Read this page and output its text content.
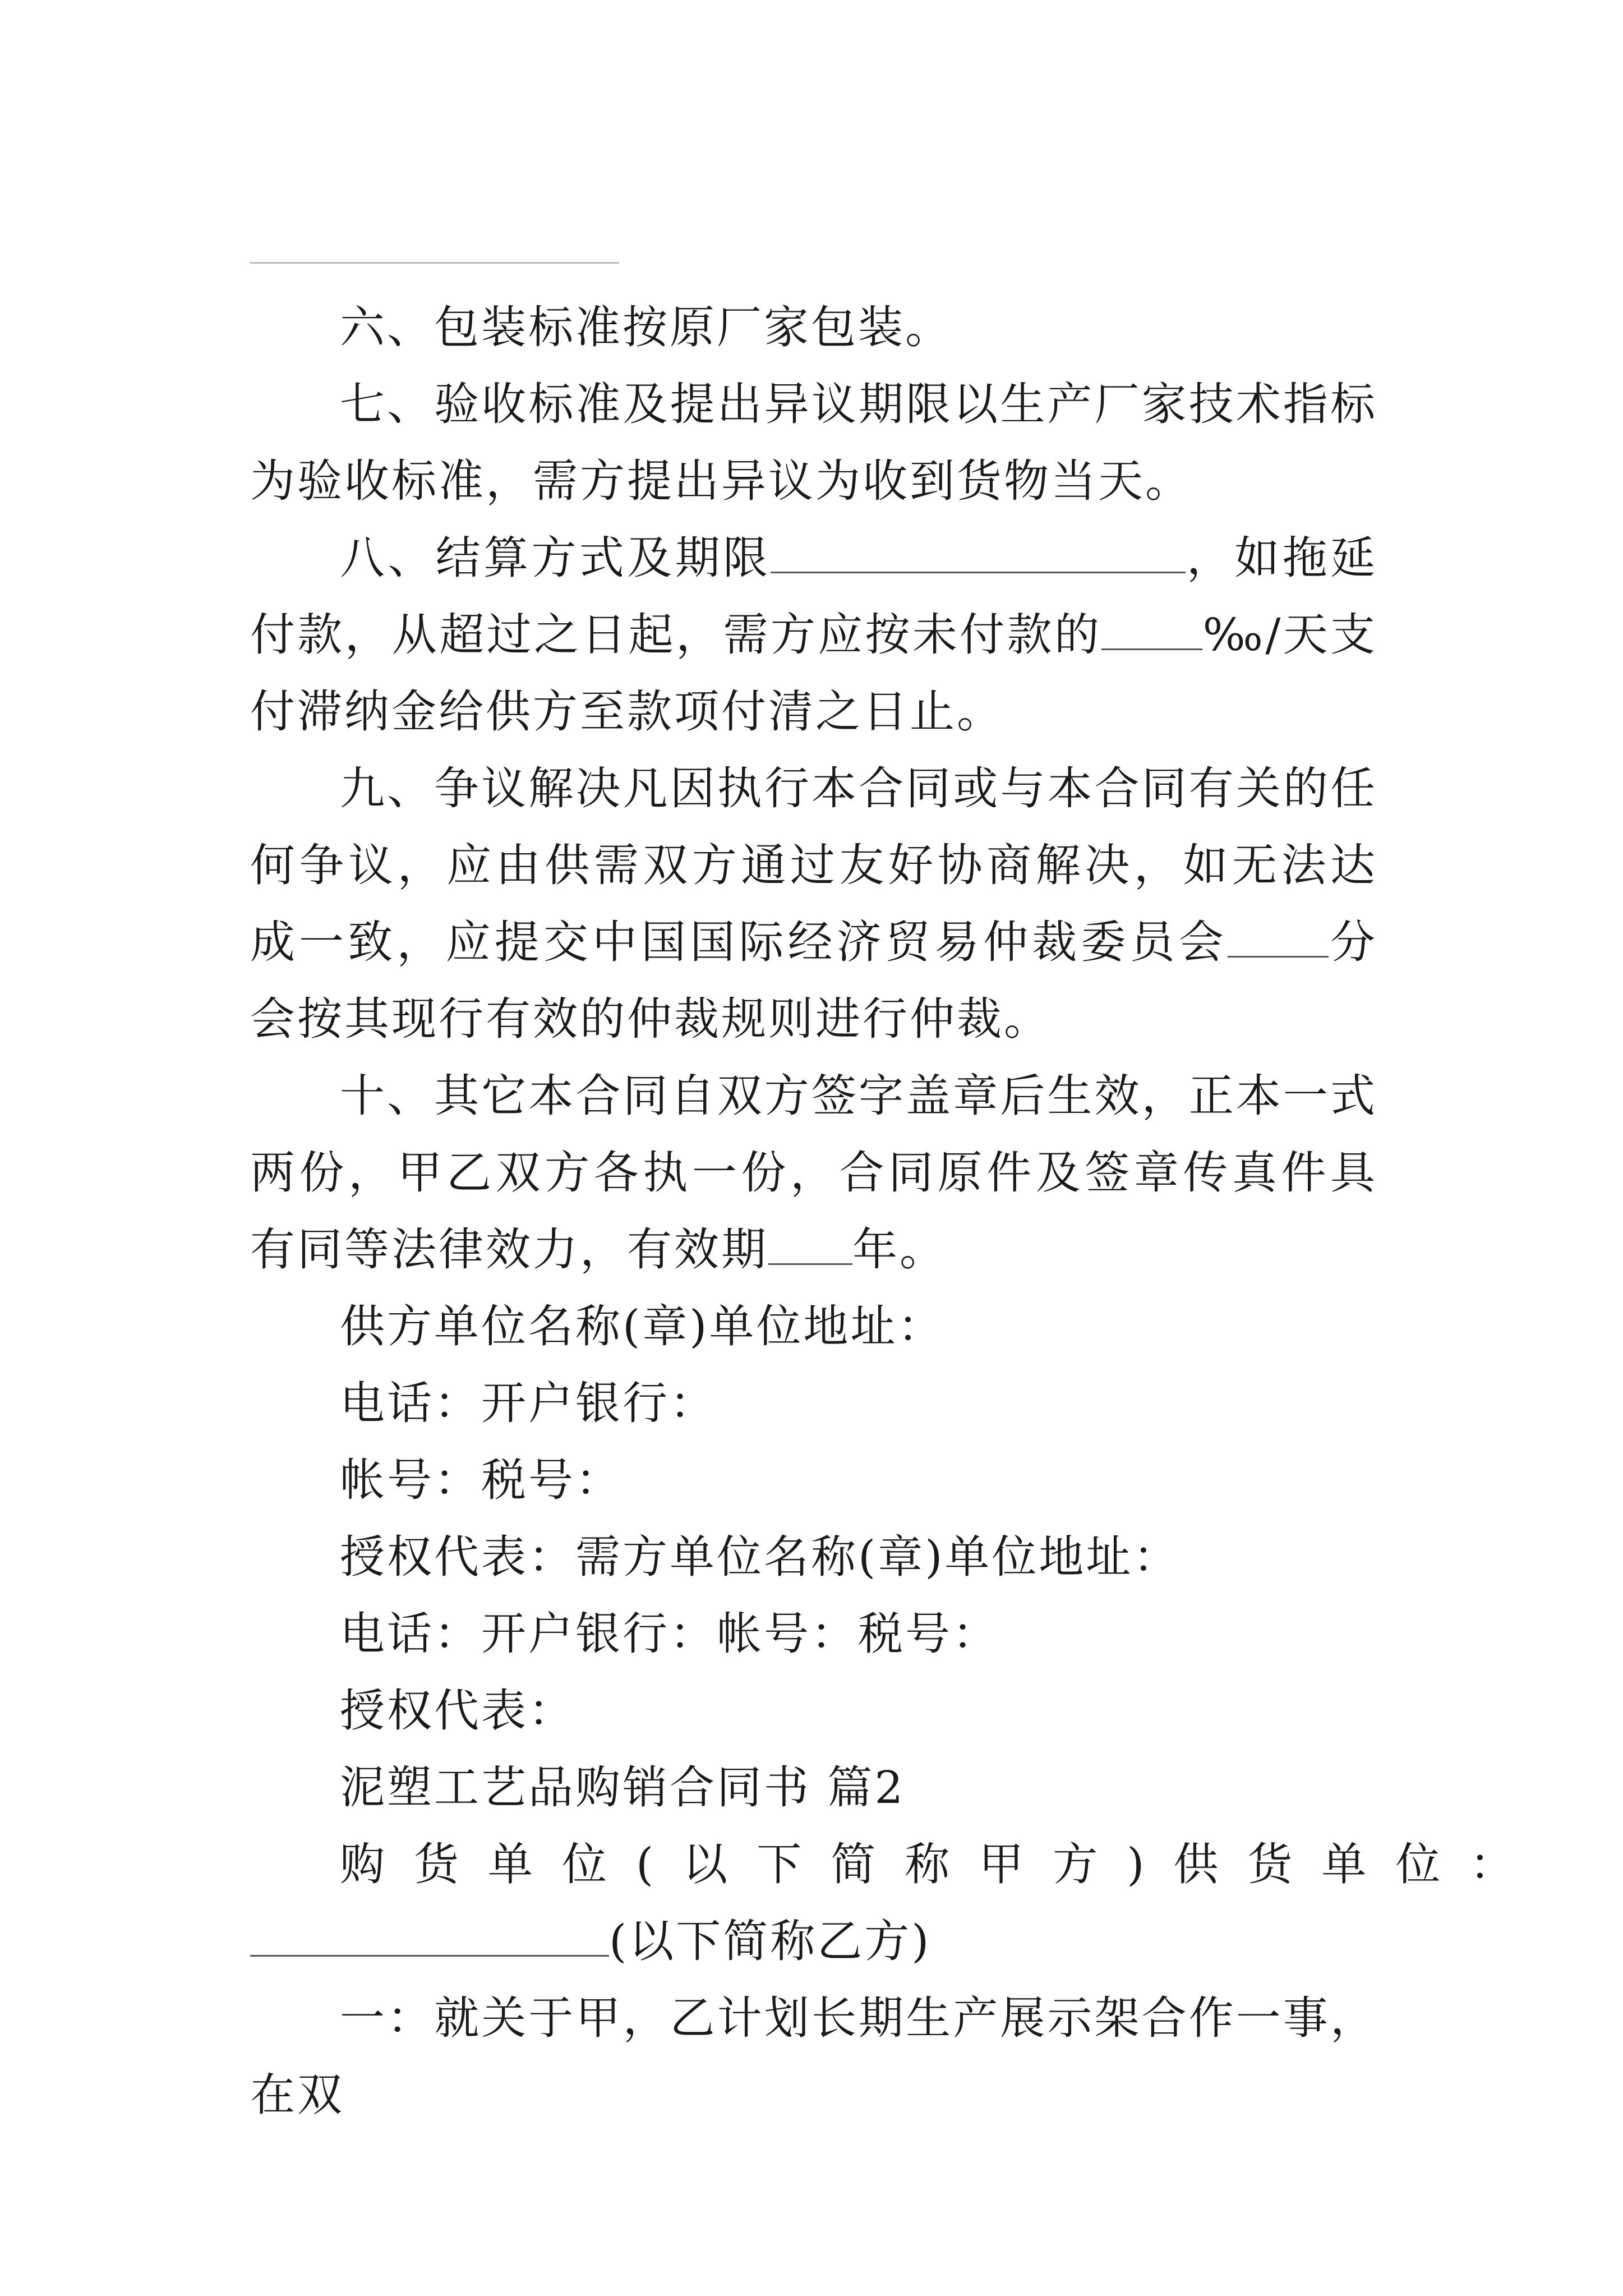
六、包装标准按原厂家包装。

七、验收标准及提出异议期限以生产厂家技术指标为验收标准，需方提出异议为收到货物当天。

八、结算方式及期限	，如拖延付款，从超过之日起，需方应按未付款的 ‰/天支付滞纳金给供方至款项付清之日止。

九、争议解决凡因执行本合同或与本合同有关的任何争议，应由供需双方通过友好协商解决，如无法达成一致，应提交中国国际经济贸易仲裁委员会 分会按其现行有效的仲裁规则进行仲裁。

十、其它本合同自双方签字盖章后生效，正本一式两份，甲乙双方各执一份，合同原件及签章传真件具有同等法律效力，有效期 年。

供方单位名称(章)单位地址：

电话：开户银行：

帐号：税号：

授权代表：需方单位名称(章)单位地址：

电话：开户银行：帐号：税号：

授权代表：

泥塑工艺品购销合同书 篇2

购货单位(以下简称甲方)供货单位：

(以下简称乙方)

一：就关于甲，乙计划长期生产展示架合作一事，在双
